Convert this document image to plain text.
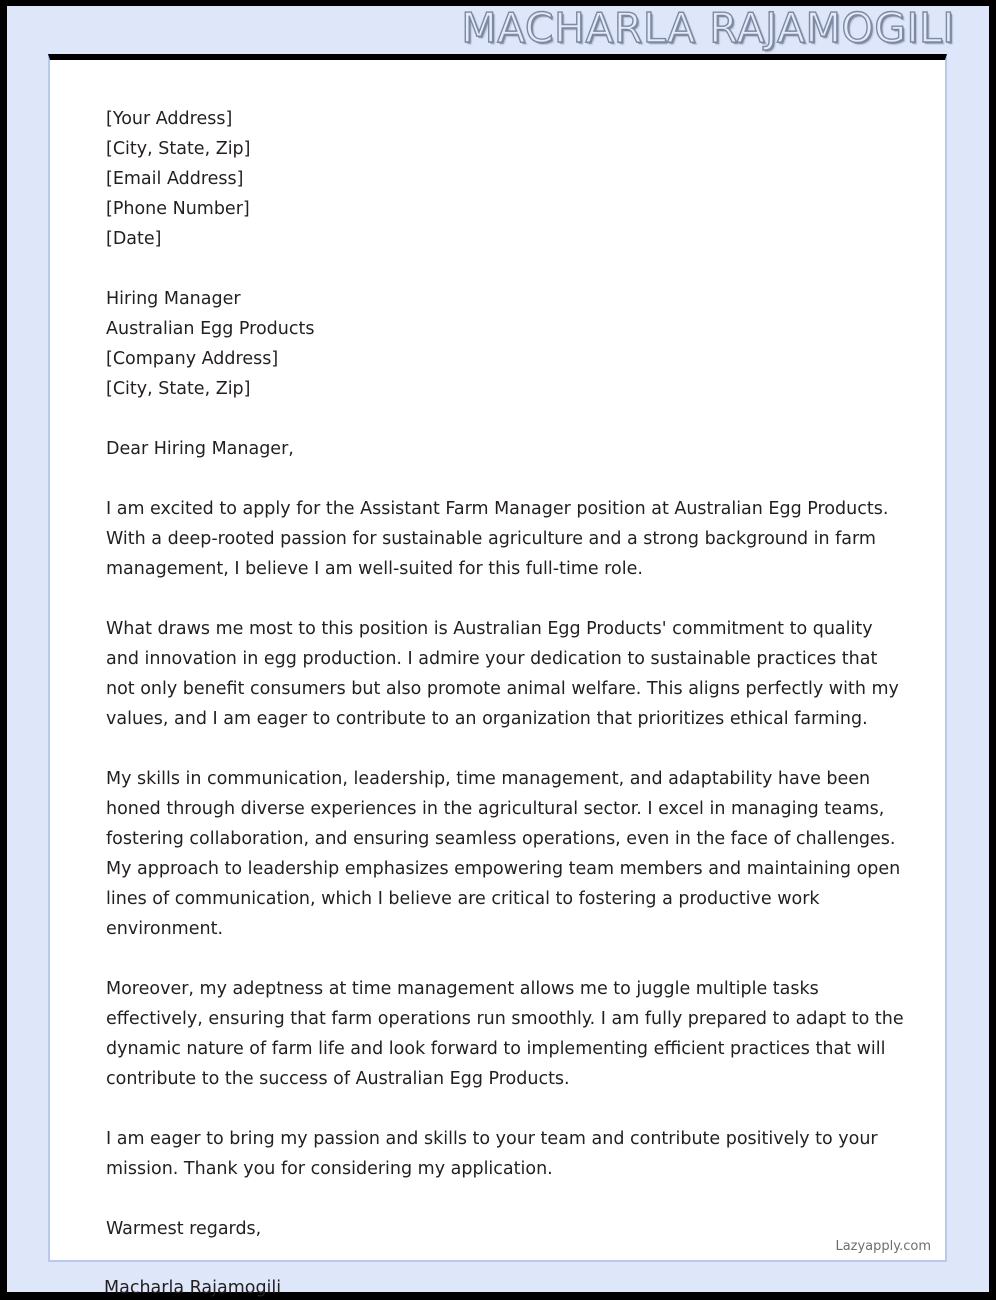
MACHARLA RAJAMOGILI
[Your Address]
[City, State, Zip]
[Email Address]
[Phone Number]
[Date]
Hiring Manager
Australian Egg Products
[Company Address]
[City, State, Zip]
Dear Hiring Manager,
I am excited to apply for the Assistant Farm Manager position at Australian Egg Products. With a deep-rooted passion for sustainable agriculture and a strong background in farm management, I believe I am well-suited for this full-time role.
What draws me most to this position is Australian Egg Products' commitment to quality and innovation in egg production. I admire your dedication to sustainable practices that not only benefit consumers but also promote animal welfare. This aligns perfectly with my values, and I am eager to contribute to an organization that prioritizes ethical farming.
My skills in communication, leadership, time management, and adaptability have been honed through diverse experiences in the agricultural sector. I excel in managing teams, fostering collaboration, and ensuring seamless operations, even in the face of challenges. My approach to leadership emphasizes empowering team members and maintaining open lines of communication, which I believe are critical to fostering a productive work environment.
Moreover, my adeptness at time management allows me to juggle multiple tasks effectively, ensuring that farm operations run smoothly. I am fully prepared to adapt to the dynamic nature of farm life and look forward to implementing efficient practices that will contribute to the success of Australian Egg Products.
I am eager to bring my passion and skills to your team and contribute positively to your mission. Thank you for considering my application.
Warmest regards,
Lazyapply.com
Macharla Rajamogili
